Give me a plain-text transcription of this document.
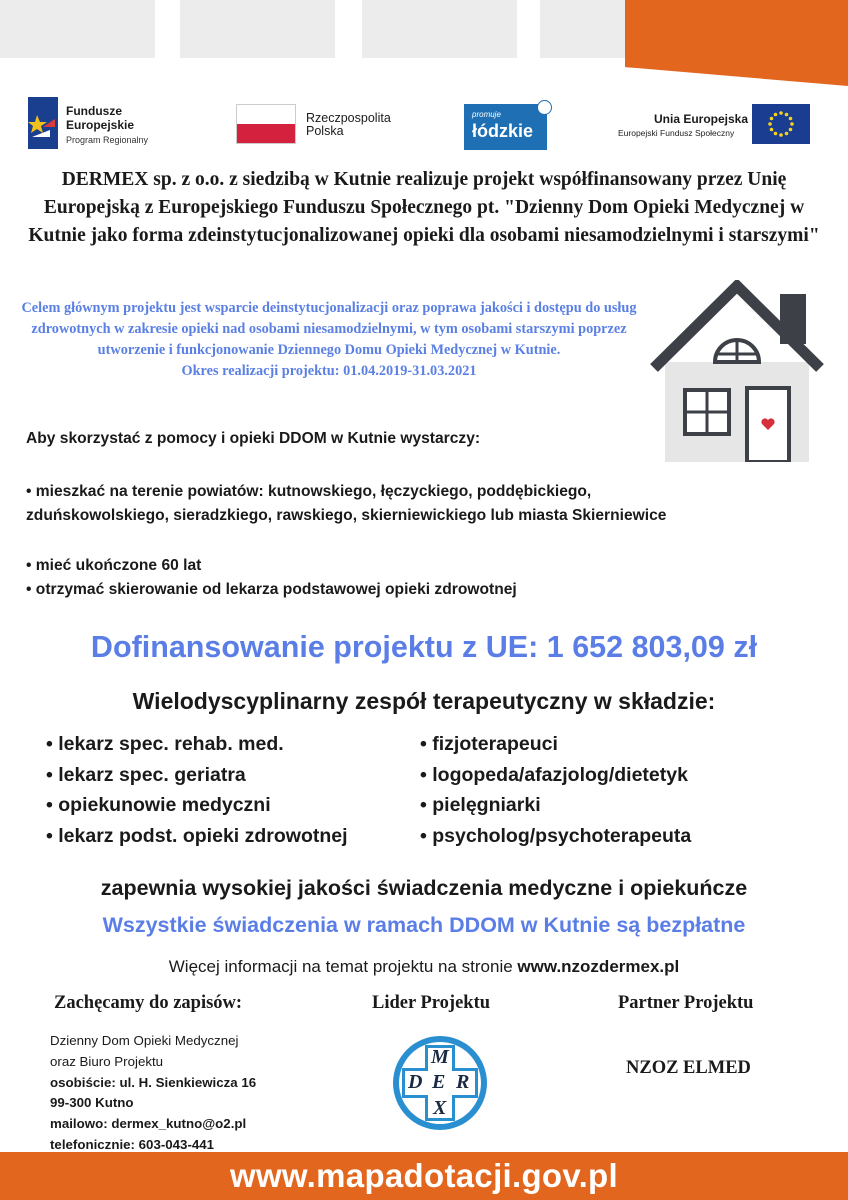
Fundusze
Europejskie
Program Regionalny
Rzeczpospolita
Polska
promuje
łódzkie
Unia Europejska
Europejski Fundusz Społeczny
DERMEX sp. z o.o. z siedzibą w Kutnie realizuje projekt współfinansowany przez Unię Europejską z Europejskiego Funduszu Społecznego pt. "Dzienny Dom Opieki Medycznej w Kutnie jako forma zdeinstytucjonalizowanej opieki dla osobami niesamodzielnymi i starszymi"
Celem głównym projektu jest wsparcie deinstytucjonalizacji oraz poprawa jakości i dostępu do usług zdrowotnych w zakresie opieki nad osobami niesamodzielnymi, w tym osobami starszymi poprzez utworzenie i funkcjonowanie Dziennego Domu Opieki Medycznej w Kutnie.
Okres realizacji projektu: 01.04.2019-31.03.2021
Aby skorzystać z pomocy i opieki DDOM w Kutnie wystarczy:
• mieszkać na terenie powiatów: kutnowskiego, łęczyckiego, poddębickiego, zduńskowolskiego, sieradzkiego, rawskiego, skierniewickiego lub miasta Skierniewice
• mieć ukończone 60 lat
• otrzymać skierowanie od lekarza podstawowej opieki zdrowotnej
Dofinansowanie projektu z UE: 1 652 803,09 zł
Wielodyscyplinarny zespół terapeutyczny w składzie:
• lekarz spec. rehab. med.
• lekarz spec. geriatra
• opiekunowie medyczni
• lekarz podst. opieki zdrowotnej
• fizjoterapeuci
• logopeda/afazjolog/dietetyk
• pielęgniarki
• psycholog/psychoterapeuta
zapewnia wysokiej jakości świadczenia medyczne i opiekuńcze
Wszystkie świadczenia w ramach DDOM w Kutnie są bezpłatne
Więcej informacji na temat projektu na stronie www.nzozdermex.pl
Zachęcamy do zapisów:	Lider Projektu	Partner Projektu
Dzienny Dom Opieki Medycznej
oraz Biuro Projektu
osobiście: ul. H. Sienkiewicza 16
99-300 Kutno
mailowo: dermex_kutno@o2.pl
telefonicznie: 603-043-441
M
D E R
X
NZOZ ELMED
www.mapadotacji.gov.pl
